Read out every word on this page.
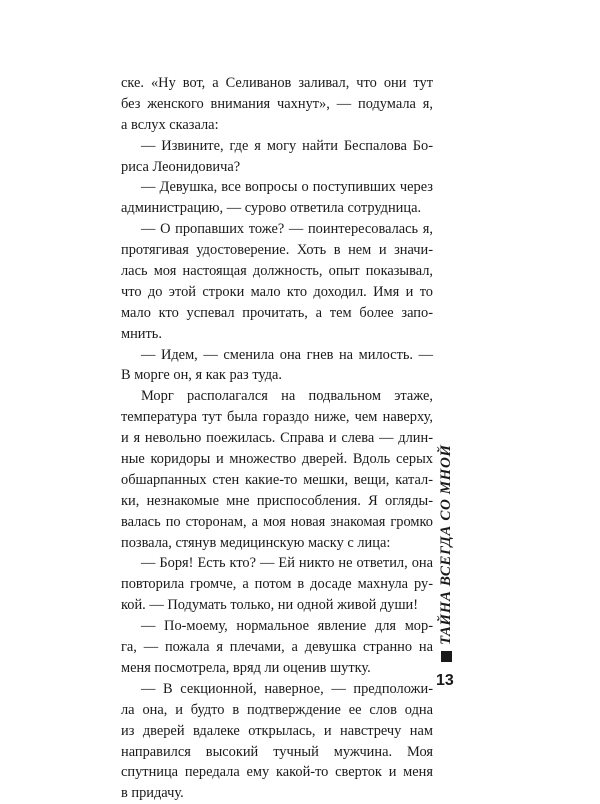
ске. «Ну вот, а Селиванов заливал, что они тут
без женского внимания чахнут», — подумала я,
а вслух сказала:
— Извините, где я могу найти Беспалова Бо-
риса Леонидовича?
— Девушка, все вопросы о поступивших через
администрацию, — сурово ответила сотрудница.
— О пропавших тоже? — поинтересовалась я,
протягивая удостоверение. Хоть в нем и значи-
лась моя настоящая должность, опыт показывал,
что до этой строки мало кто доходил. Имя и то
мало кто успевал прочитать, а тем более запо-
мнить.
— Идем, — сменила она гнев на милость. —
В морге он, я как раз туда.
Морг располагался на подвальном этаже,
температура тут была гораздо ниже, чем наверху,
и я невольно поежилась. Справа и слева — длин-
ные коридоры и множество дверей. Вдоль серых
обшарпанных стен какие-то мешки, вещи, катал-
ки, незнакомые мне приспособления. Я огляды-
валась по сторонам, а моя новая знакомая громко
позвала, стянув медицинскую маску с лица:
— Боря! Есть кто? — Ей никто не ответил, она
повторила громче, а потом в досаде махнула ру-
кой. — Подумать только, ни одной живой души!
— По-моему, нормальное явление для мор-
га, — пожала я плечами, а девушка странно на
меня посмотрела, вряд ли оценив шутку.
— В секционной, наверное, — предположи-
ла она, и будто в подтверждение ее слов одна
из дверей вдалеке открылась, и навстречу нам
направился высокий тучный мужчина. Моя
спутница передала ему какой-то сверток и меня
в придачу.
ТАЙНА ВСЕГДА СО МНОЙ
13
